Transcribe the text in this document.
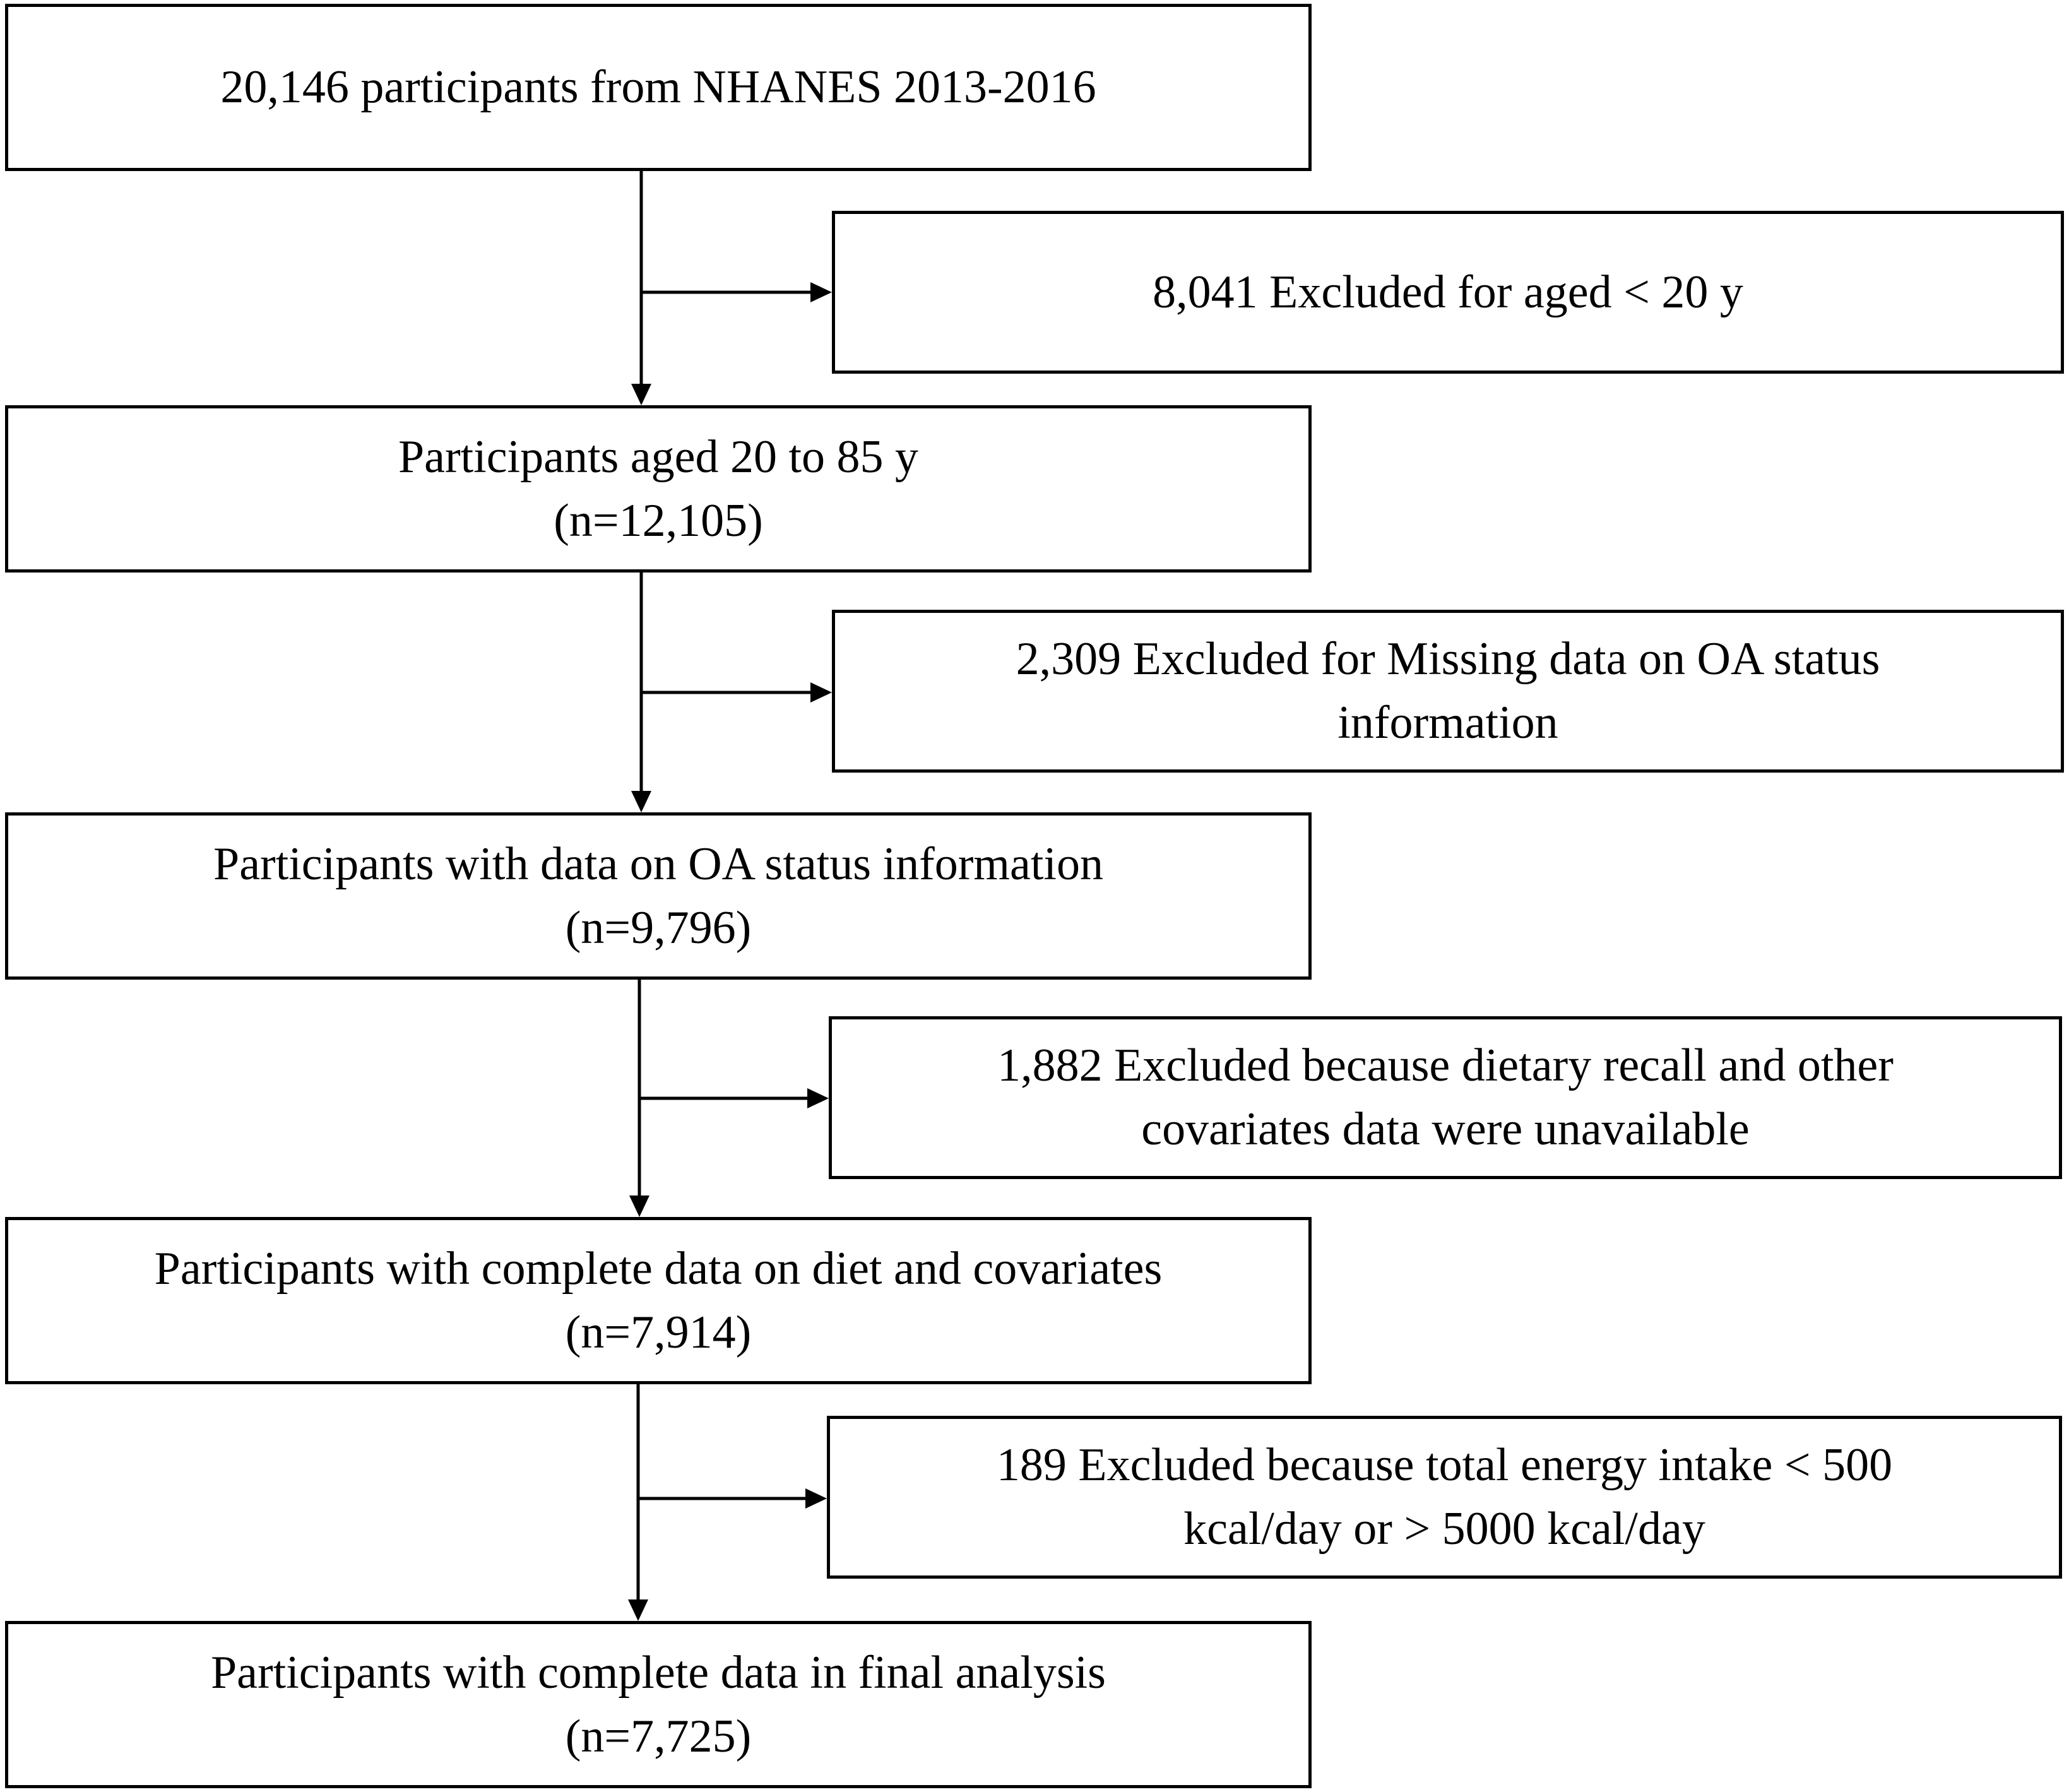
20,146 participants from NHANES 2013-2016
Participants aged 20 to 85 y
(n=12,105)
Participants with data on OA status information
(n=9,796)
Participants with complete data on diet and covariates
(n=7,914)
Participants with complete data in final analysis
(n=7,725)
8,041 Excluded for aged < 20 y
2,309 Excluded for Missing data on OA status
information
1,882 Excluded because dietary recall and other
covariates data were unavailable
189 Excluded because total energy intake < 500
kcal/day or > 5000 kcal/day
